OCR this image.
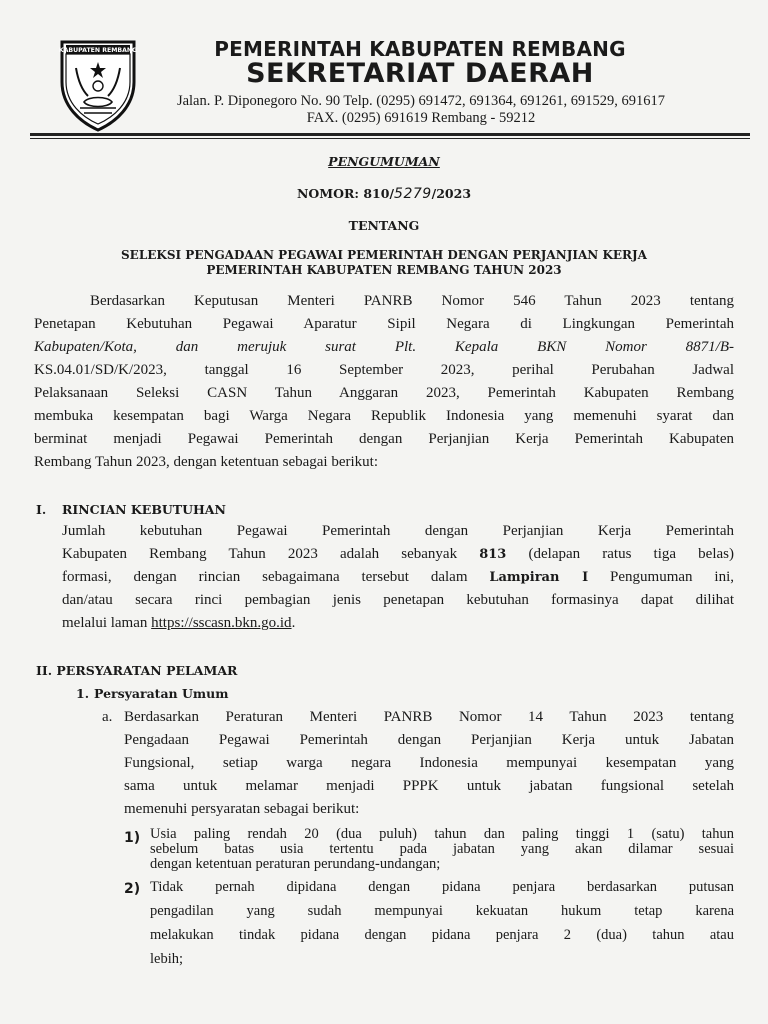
KABUPATEN REMBANG	PEMERINTAH KABUPATEN REMBANG
SEKRETARIAT DAERAH
Jalan. P. Diponegoro No. 90 Telp. (0295) 691472, 691364, 691261, 691529, 691617
FAX. (0295) 691619 Rembang - 59212
PENGUMUMAN
NOMOR: 810/5279/2023
TENTANG
SELEKSI PENGADAAN PEGAWAI PEMERINTAH DENGAN PERJANJIAN KERJA
PEMERINTAH KABUPATEN REMBANG TAHUN 2023
Berdasarkan Keputusan Menteri PANRB Nomor 546 Tahun 2023 tentang
Penetapan Kebutuhan Pegawai Aparatur Sipil Negara di Lingkungan Pemerintah
Kabupaten/Kota, dan merujuk surat Plt. Kepala BKN Nomor 8871/B-
KS.04.01/SD/K/2023, tanggal 16 September 2023, perihal Perubahan Jadwal
Pelaksanaan Seleksi CASN Tahun Anggaran 2023, Pemerintah Kabupaten Rembang
membuka kesempatan bagi Warga Negara Republik Indonesia yang memenuhi syarat dan
berminat menjadi Pegawai Pemerintah dengan Perjanjian Kerja Pemerintah Kabupaten
Rembang Tahun 2023, dengan ketentuan sebagai berikut:
I. RINCIAN KEBUTUHAN
Jumlah kebutuhan Pegawai Pemerintah dengan Perjanjian Kerja Pemerintah
Kabupaten Rembang Tahun 2023 adalah sebanyak 813 (delapan ratus tiga belas)
formasi, dengan rincian sebagaimana tersebut dalam Lampiran I Pengumuman ini,
dan/atau secara rinci pembagian jenis penetapan kebutuhan formasinya dapat dilihat
melalui laman https://sscasn.bkn.go.id.
II. PERSYARATAN PELAMAR
1. Persyaratan Umum
a. Berdasarkan Peraturan Menteri PANRB Nomor 14 Tahun 2023 tentang
Pengadaan Pegawai Pemerintah dengan Perjanjian Kerja untuk Jabatan
Fungsional, setiap warga negara Indonesia mempunyai kesempatan yang
sama untuk melamar menjadi PPPK untuk jabatan fungsional setelah
memenuhi persyaratan sebagai berikut:
1) Usia paling rendah 20 (dua puluh) tahun dan paling tinggi 1 (satu) tahun
sebelum batas usia tertentu pada jabatan yang akan dilamar sesuai
dengan ketentuan peraturan perundang-undangan;
2) Tidak pernah dipidana dengan pidana penjara berdasarkan putusan
pengadilan yang sudah mempunyai kekuatan hukum tetap karena
melakukan tindak pidana dengan pidana penjara 2 (dua) tahun atau
lebih;
